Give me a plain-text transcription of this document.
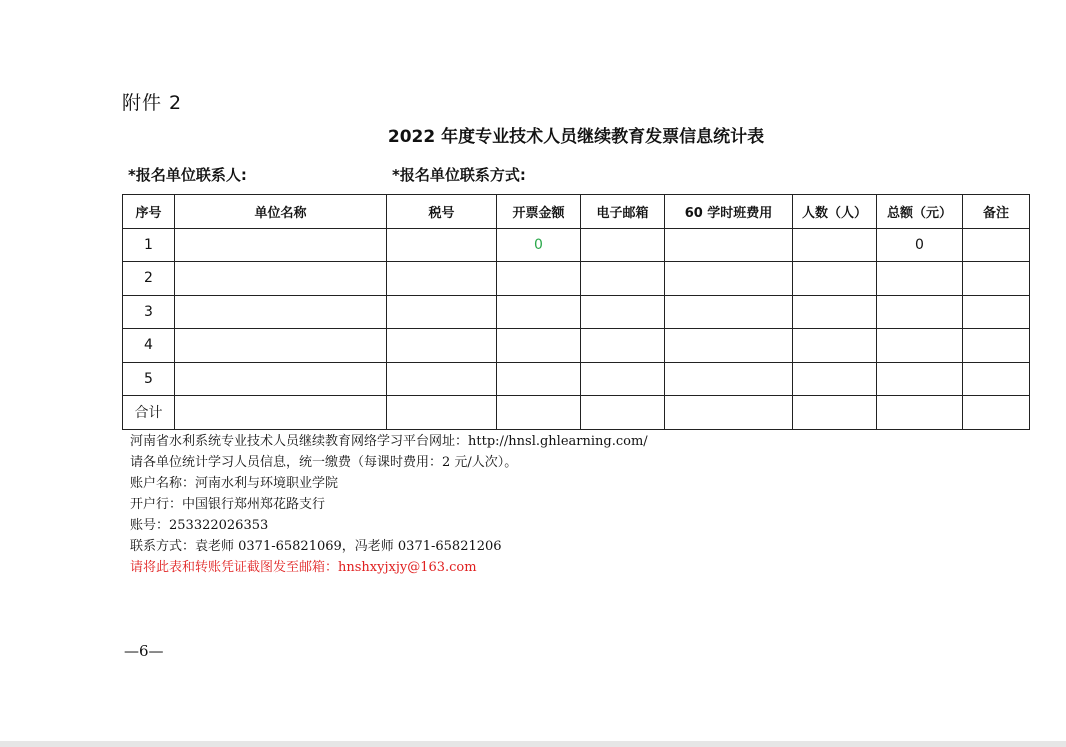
附件 2
2022 年度专业技术人员继续教育发票信息统计表
*报名单位联系人:	*报名单位联系方式:
序号	单位名称	税号	开票金额	电子邮箱	60 学时班费用	人数（人）	总额（元）	备注
1			0				0	
2								
3								
4								
5								
合计								
河南省水利系统专业技术人员继续教育网络学习平台网址：http://hnsl.ghlearning.com/
请各单位统计学习人员信息，统一缴费（每课时费用：2 元/人次）。
账户名称：河南水利与环境职业学院
开户行：中国银行郑州郑花路支行
账号：253322026353
联系方式：袁老师 0371-65821069，冯老师 0371-65821206
请将此表和转账凭证截图发至邮箱：hnshxyjxjy@163.com
—6—
